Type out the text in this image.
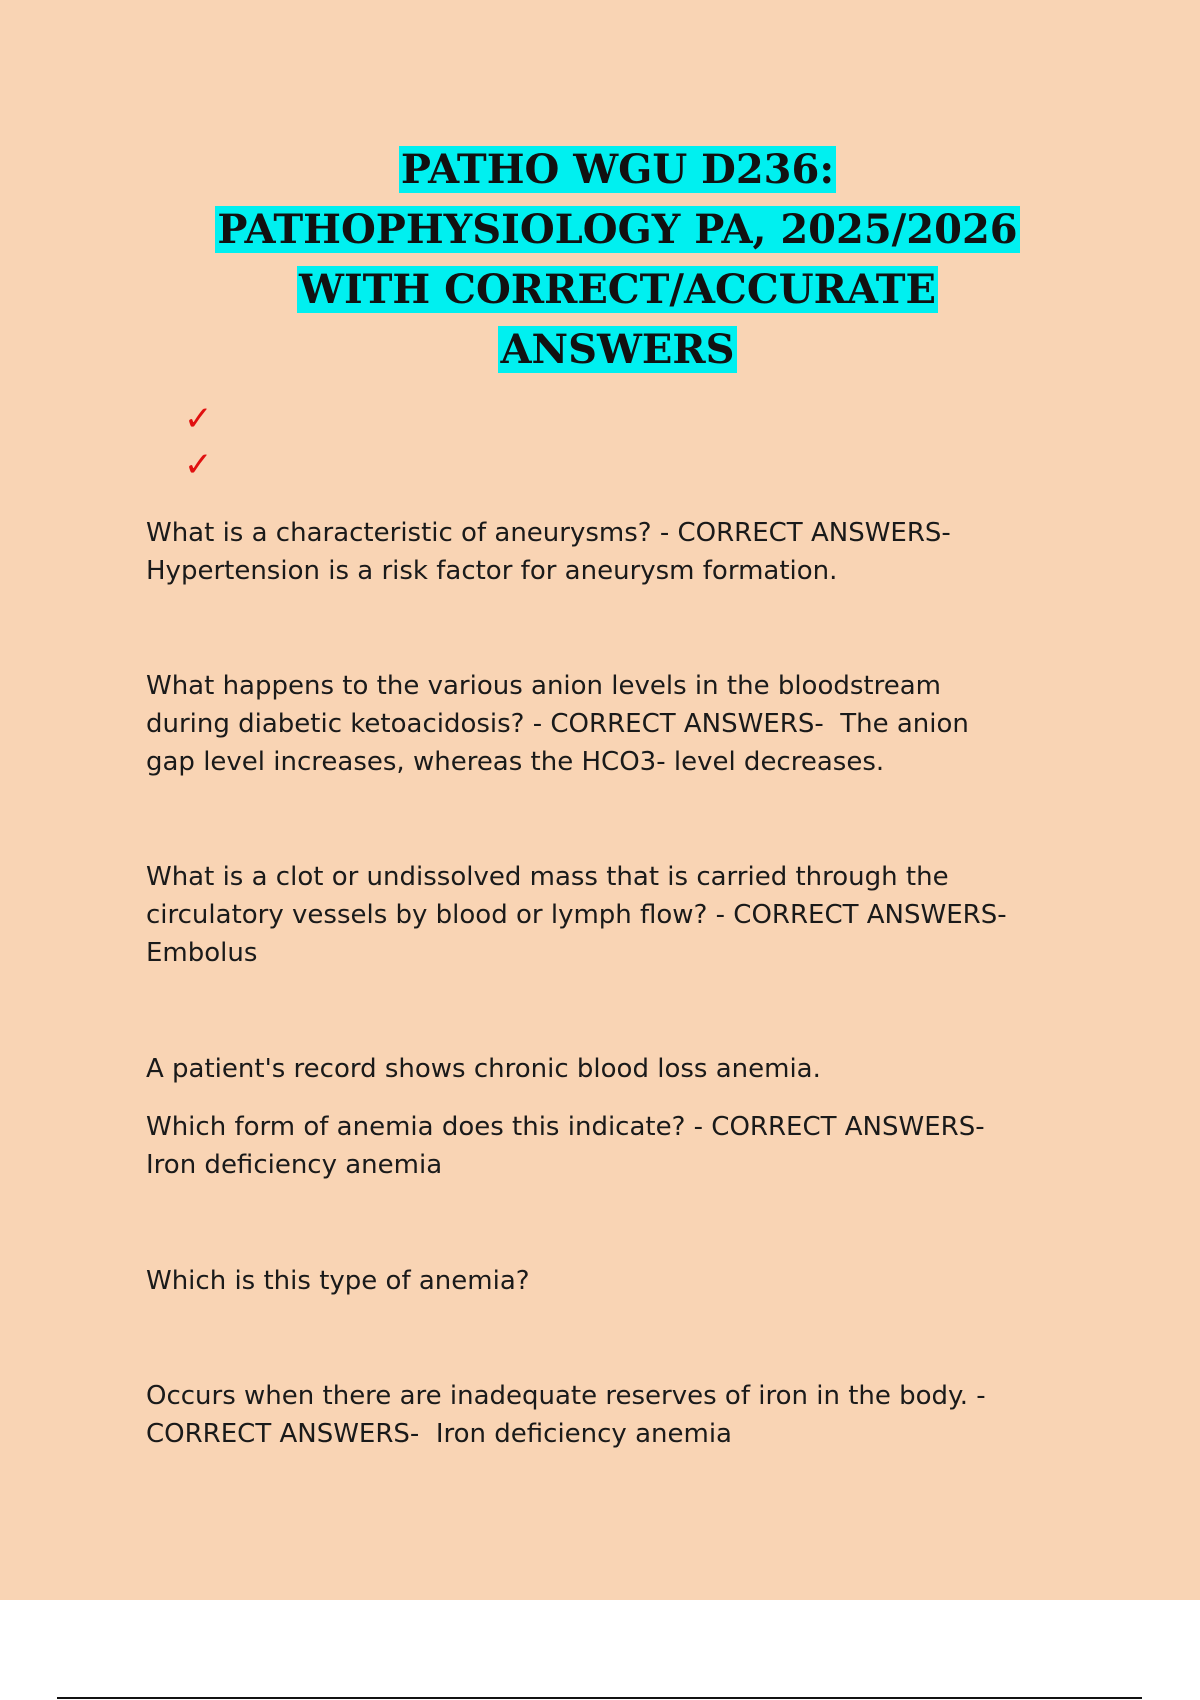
PATHO WGU D236:
PATHOPHYSIOLOGY PA, 2025/2026
WITH CORRECT/ACCURATE
ANSWERS
✓
✓

What is a characteristic of aneurysms? - CORRECT ANSWERS-
Hypertension is a risk factor for aneurysm formation.

What happens to the various anion levels in the bloodstream
during diabetic ketoacidosis? - CORRECT ANSWERS-  The anion
gap level increases, whereas the HCO3- level decreases.

What is a clot or undissolved mass that is carried through the
circulatory vessels by blood or lymph flow? - CORRECT ANSWERS-
Embolus

A patient's record shows chronic blood loss anemia.

Which form of anemia does this indicate? - CORRECT ANSWERS-
Iron deficiency anemia

Which is this type of anemia?

Occurs when there are inadequate reserves of iron in the body. -
CORRECT ANSWERS-  Iron deficiency anemia
